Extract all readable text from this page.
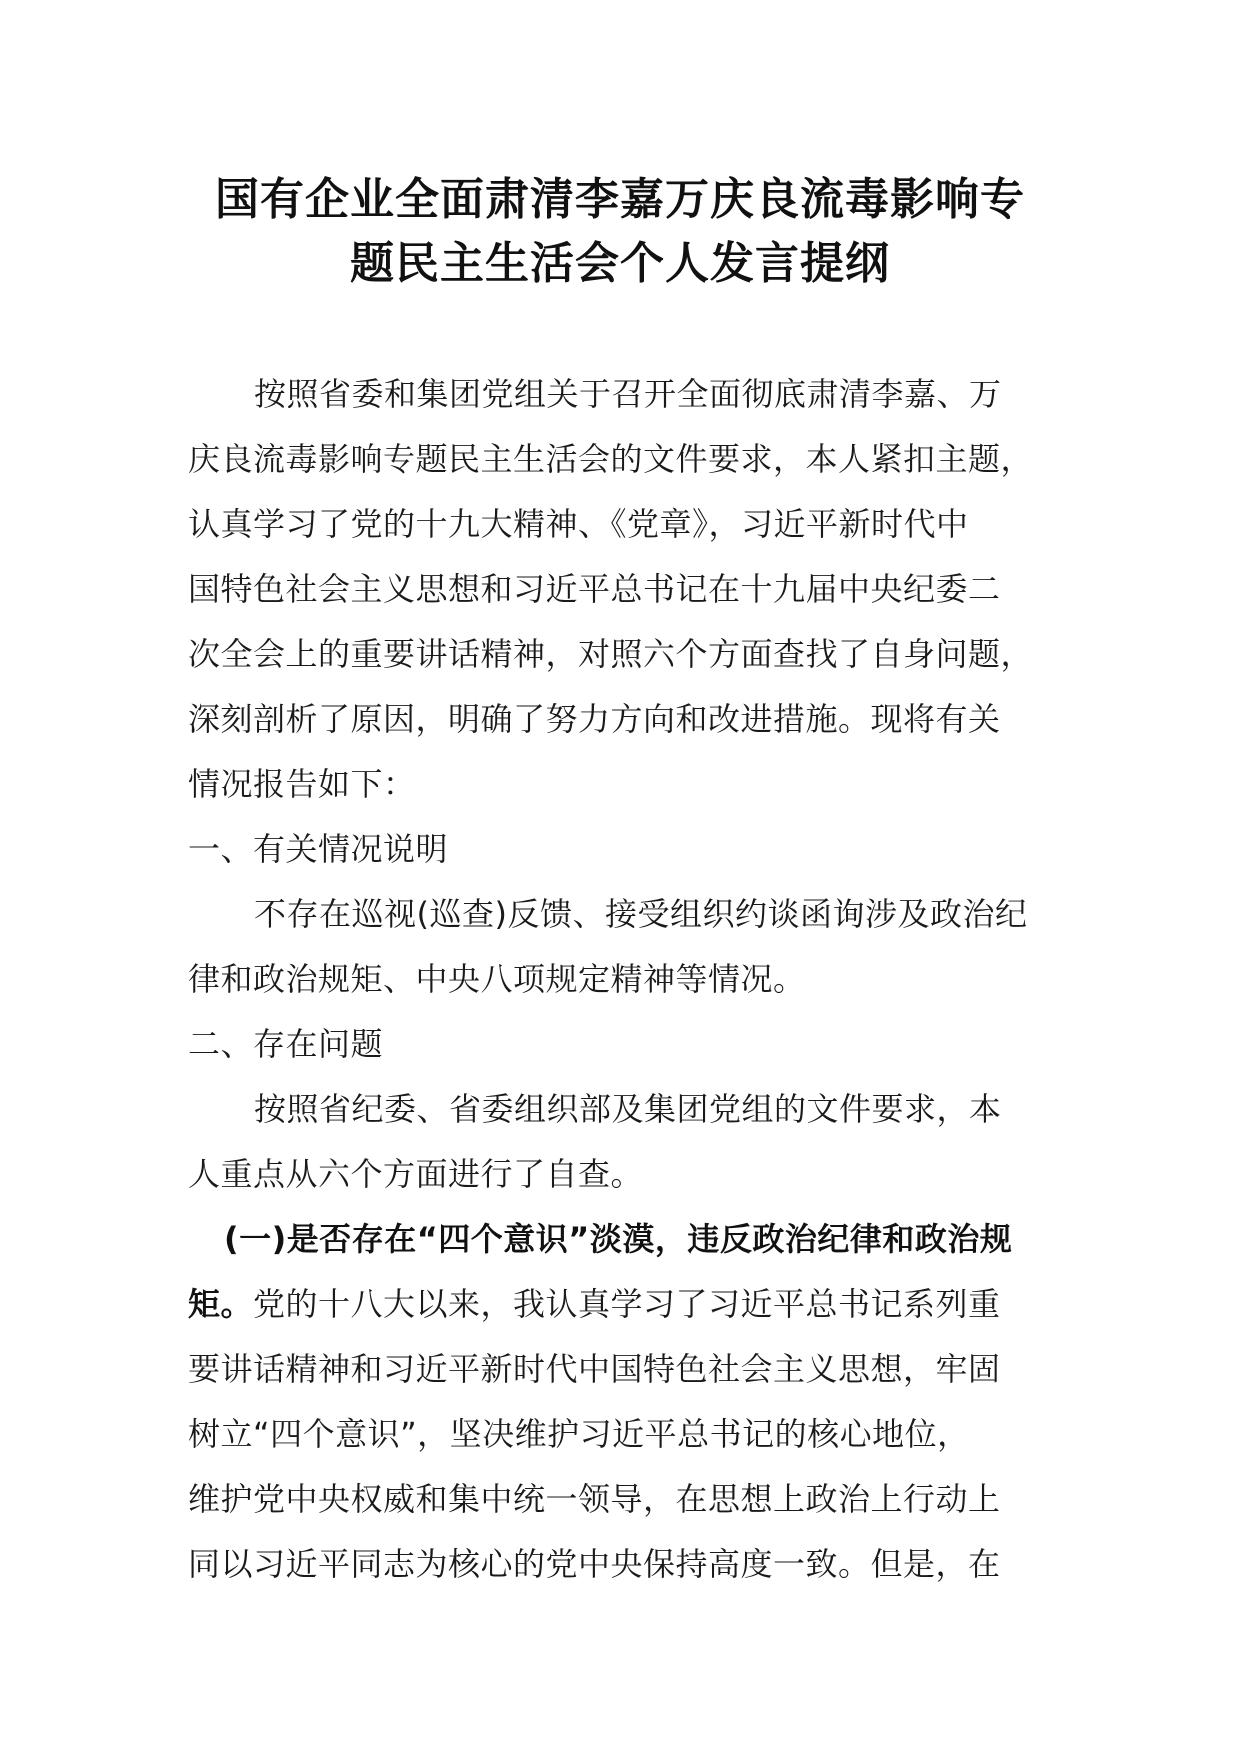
国有企业全面肃清李嘉万庆良流毒影响专
题民主生活会个人发言提纲
按照省委和集团党组关于召开全面彻底肃清李嘉、万
庆良流毒影响专题民主生活会的文件要求，本人紧扣主题，
认真学习了党的十九大精神、《党章》，习近平新时代中
国特色社会主义思想和习近平总书记在十九届中央纪委二
次全会上的重要讲话精神，对照六个方面查找了自身问题，
深刻剖析了原因，明确了努力方向和改进措施。现将有关
情况报告如下：
一、有关情况说明
不存在巡视(巡查)反馈、接受组织约谈函询涉及政治纪
律和政治规矩、中央八项规定精神等情况。
二、存在问题
按照省纪委、省委组织部及集团党组的文件要求，本
人重点从六个方面进行了自查。
(一)是否存在“四个意识”淡漠，违反政治纪律和政治规
矩。党的十八大以来，我认真学习了习近平总书记系列重
要讲话精神和习近平新时代中国特色社会主义思想，牢固
树立“四个意识”，坚决维护习近平总书记的核心地位，
维护党中央权威和集中统一领导，在思想上政治上行动上
同以习近平同志为核心的党中央保持高度一致。但是，在
